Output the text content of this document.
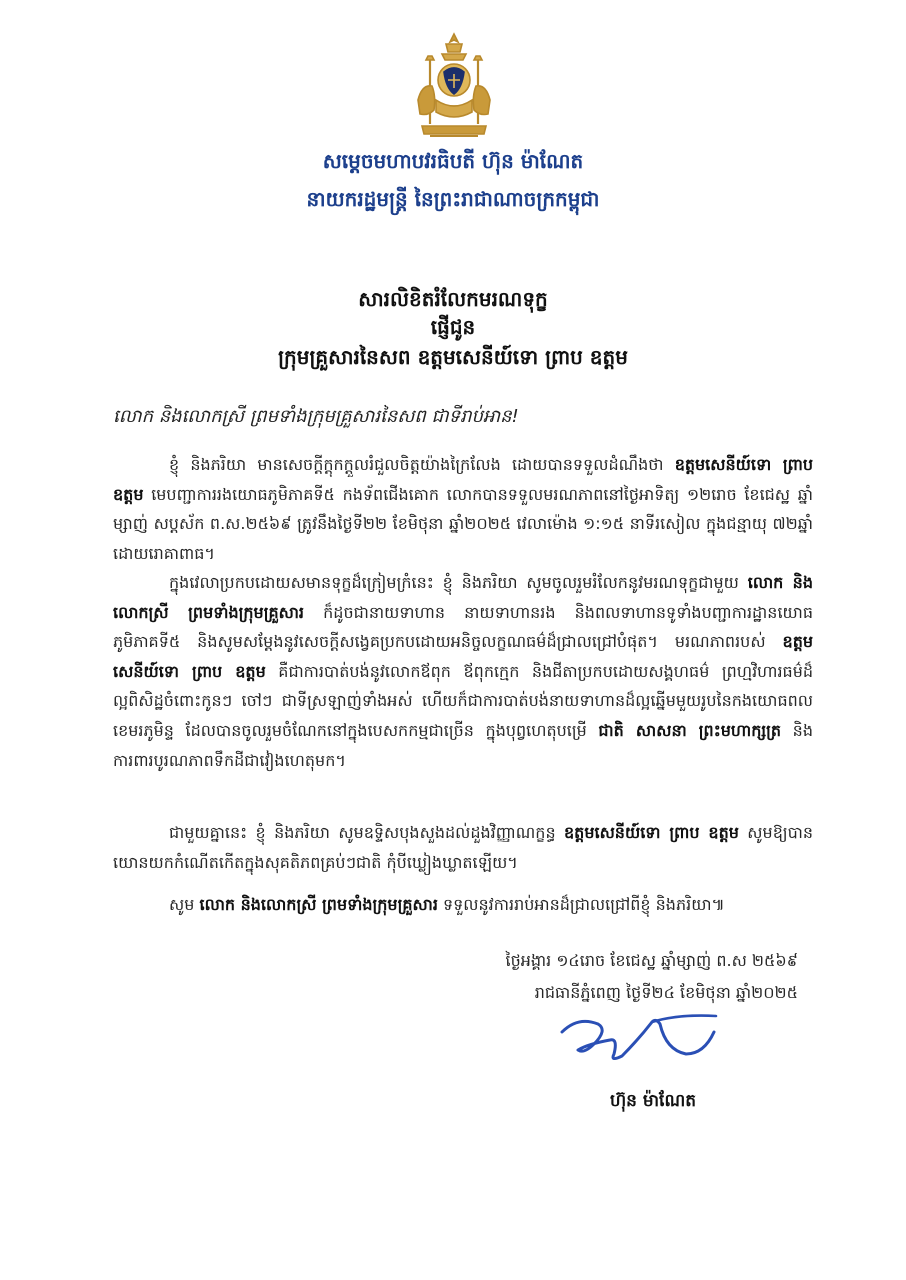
សម្ដេចមហាបវរធិបតី ហ៊ុន ម៉ាណែត
នាយករដ្ឋមន្ត្រី នៃព្រះរាជាណាចក្រកម្ពុជា
សារលិខិតរំលែកមរណទុក្ខ
ផ្ញើជូន
ក្រុមគ្រួសារនៃសព ឧត្តមសេនីយ៍ទោ ព្រាប ឧត្តម
លោក និងលោកស្រី ព្រមទាំងក្រុមគ្រួសារនៃសព ជាទីរាប់អាន!
ខ្ញុំ និងភរិយា មានសេចក្ដីក្ដុកក្ដួលរំជួលចិត្តយ៉ាងក្រៃលែង ដោយបានទទួលដំណឹងថា ឧត្តមសេនីយ៍ទោ ព្រាប ឧត្តម មេបញ្ជាការរងយោធភូមិភាគទី៥ កងទ័ពជើងគោក លោកបានទទួលមរណភាពនៅថ្ងៃអាទិត្យ ១២រោច ខែជេស្ឋ ឆ្នាំម្សាញ់ សប្តស័ក ព.ស.២៥៦៩ ត្រូវនឹងថ្ងៃទី២២ ខែមិថុនា ឆ្នាំ២០២៥ វេលាម៉ោង ១:១៥ នាទីរសៀល ក្នុងជន្មាយុ ៧២ឆ្នាំ ដោយរោគាពាធ។
ក្នុងវេលាប្រកបដោយសមានទុក្ខដ៏ក្រៀមក្រំនេះ ខ្ញុំ និងភរិយា សូមចូលរួមរំលែកនូវមរណទុក្ខជាមួយ លោក និងលោកស្រី ព្រមទាំងក្រុមគ្រួសារ ក៏ដូចជានាយទាហាន នាយទាហានរង និងពលទាហានទូទាំងបញ្ជាការដ្ឋានយោធភូមិភាគទី៥ និងសូមសម្ដែងនូវសេចក្ដីសង្វេគប្រកបដោយអនិច្ចលក្ខណធម៌ដ៏ជ្រាលជ្រៅបំផុត។ មរណភាពរបស់ ឧត្តមសេនីយ៍ទោ ព្រាប ឧត្តម គឺជាការបាត់បង់នូវលោកឪពុក ឪពុកក្មេក និងជីតាប្រកបដោយសង្គហធម៌ ព្រហ្មវិហារធម៌ដ៏ល្អពិសិដ្ឋចំពោះកូនៗ ចៅៗ ជាទីស្រឡាញ់ទាំងអស់ ហើយក៏ជាការបាត់បង់នាយទាហានដ៏ល្អឆ្នើមមួយរូបនៃកងយោធពលខេមរភូមិន្ទ ដែលបានចូលរួមចំណែកនៅក្នុងបេសកកម្មជាច្រើន ក្នុងបុព្វហេតុបម្រើ ជាតិ សាសនា ព្រះមហាក្សត្រ និងការពារបូរណភាពទឹកដីជាវៀងហេតុមក។
ជាមួយគ្នានេះ ខ្ញុំ និងភរិយា សូមឧទ្ទិសបុងសួងដល់ដួងវិញ្ញាណក្ខន្ធ ឧត្តមសេនីយ៍ទោ ព្រាប ឧត្តម សូមឱ្យបានយោនយកកំណើតកើតក្នុងសុគតិភពគ្រប់ៗជាតិ កុំបីឃ្លៀងឃ្លាតឡើយ។
សូម លោក និងលោកស្រី ព្រមទាំងក្រុមគ្រួសារ ទទួលនូវការរាប់អានដ៏ជ្រាលជ្រៅពីខ្ញុំ និងភរិយា៕
ថ្ងៃអង្គារ ១៤រោច ខែជេស្ឋ ឆ្នាំម្សាញ់ ព.ស ២៥៦៩
រាជធានីភ្នំពេញ ថ្ងៃទី២៤ ខែមិថុនា ឆ្នាំ២០២៥
ហ៊ុន ម៉ាណែត
